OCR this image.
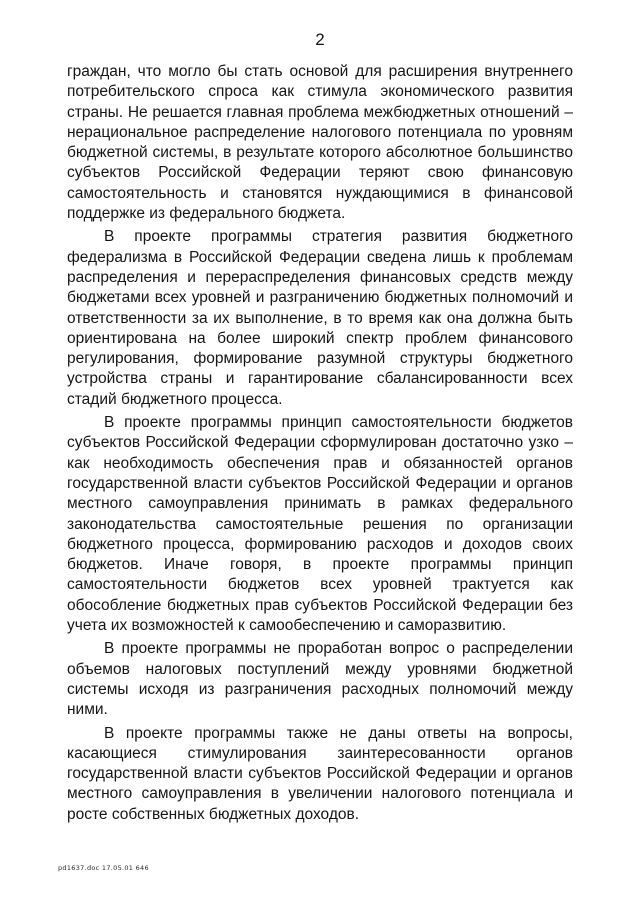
2

граждан, что могло бы стать основой для расширения внутреннего потребительского спроса как стимула экономического развития страны. Не решается главная проблема межбюджетных отношений – нерациональное распределение налогового потенциала по уровням бюджетной системы, в результате которого абсолютное большинство субъектов Российской Федерации теряют свою финансовую самостоятельность и становятся нуждающимися в финансовой поддержке из федерального бюджета.

В проекте программы стратегия развития бюджетного федерализма в Российской Федерации сведена лишь к проблемам распределения и перераспределения финансовых средств между бюджетами всех уровней и разграничению бюджетных полномочий и ответственности за их выполнение, в то время как она должна быть ориентирована на более широкий спектр проблем финансового регулирования, формирование разумной структуры бюджетного устройства страны и гарантирование сбалансированности всех стадий бюджетного процесса.

В проекте программы принцип самостоятельности бюджетов субъектов Российской Федерации сформулирован достаточно узко – как необходимость обеспечения прав и обязанностей органов государственной власти субъектов Российской Федерации и органов местного самоуправления принимать в рамках федерального законодательства самостоятельные решения по организации бюджетного процесса, формированию расходов и доходов своих бюджетов. Иначе говоря, в проекте программы принцип самостоятельности бюджетов всех уровней трактуется как обособление бюджетных прав субъектов Российской Федерации без учета их возможностей к самообеспечению и саморазвитию.

В проекте программы не проработан вопрос о распределении объемов налоговых поступлений между уровнями бюджетной системы исходя из разграничения расходных полномочий между ними.

В проекте программы также не даны ответы на вопросы, касающиеся стимулирования заинтересованности органов государственной власти субъектов Российской Федерации и органов местного самоуправления в увеличении налогового потенциала и росте собственных бюджетных доходов.

pd1637.doc 17.05.01 646
